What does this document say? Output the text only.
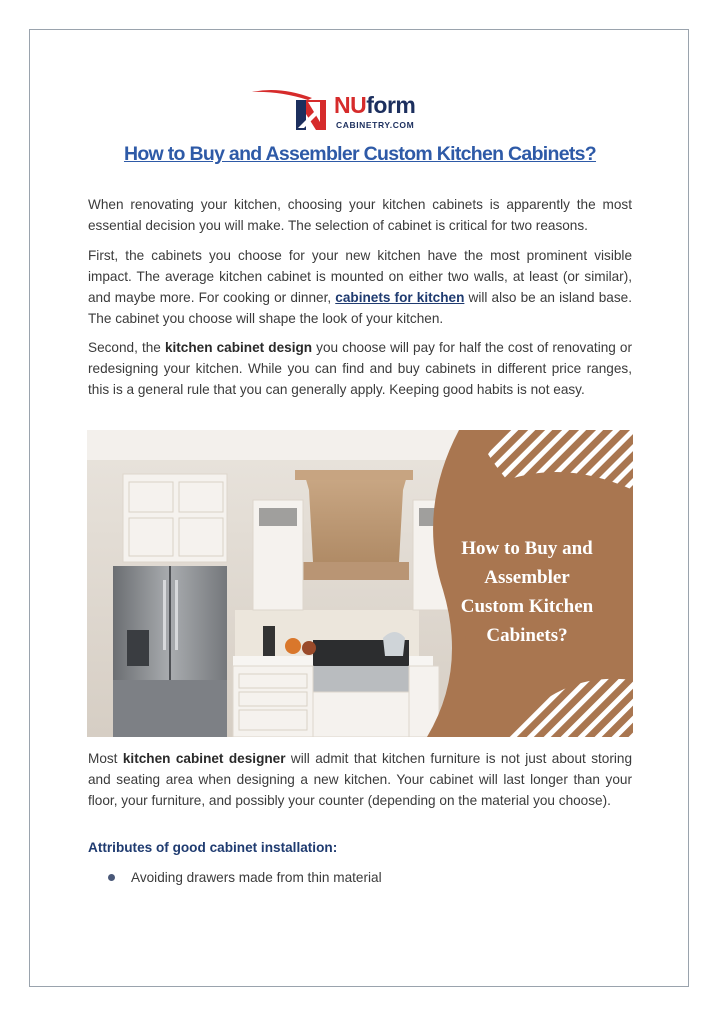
NUform
CABINETRY.COM
How to Buy and Assembler Custom Kitchen Cabinets?

When renovating your kitchen, choosing your kitchen cabinets is apparently the most essential decision you will make. The selection of cabinet is critical for two reasons.

First, the cabinets you choose for your new kitchen have the most prominent visible impact. The average kitchen cabinet is mounted on either two walls, at least (or similar), and maybe more. For cooking or dinner, cabinets for kitchen will also be an island base. The cabinet you choose will shape the look of your kitchen.

Second, the kitchen cabinet design you choose will pay for half the cost of renovating or redesigning your kitchen. While you can find and buy cabinets in different price ranges, this is a general rule that you can generally apply. Keeping good habits is not easy.

How to Buy and
Assembler
Custom Kitchen
Cabinets?

Most kitchen cabinet designer will admit that kitchen furniture is not just about storing and seating area when designing a new kitchen. Your cabinet will last longer than your floor, your furniture, and possibly your counter (depending on the material you choose).

Attributes of good cabinet installation:
Avoiding drawers made from thin material
